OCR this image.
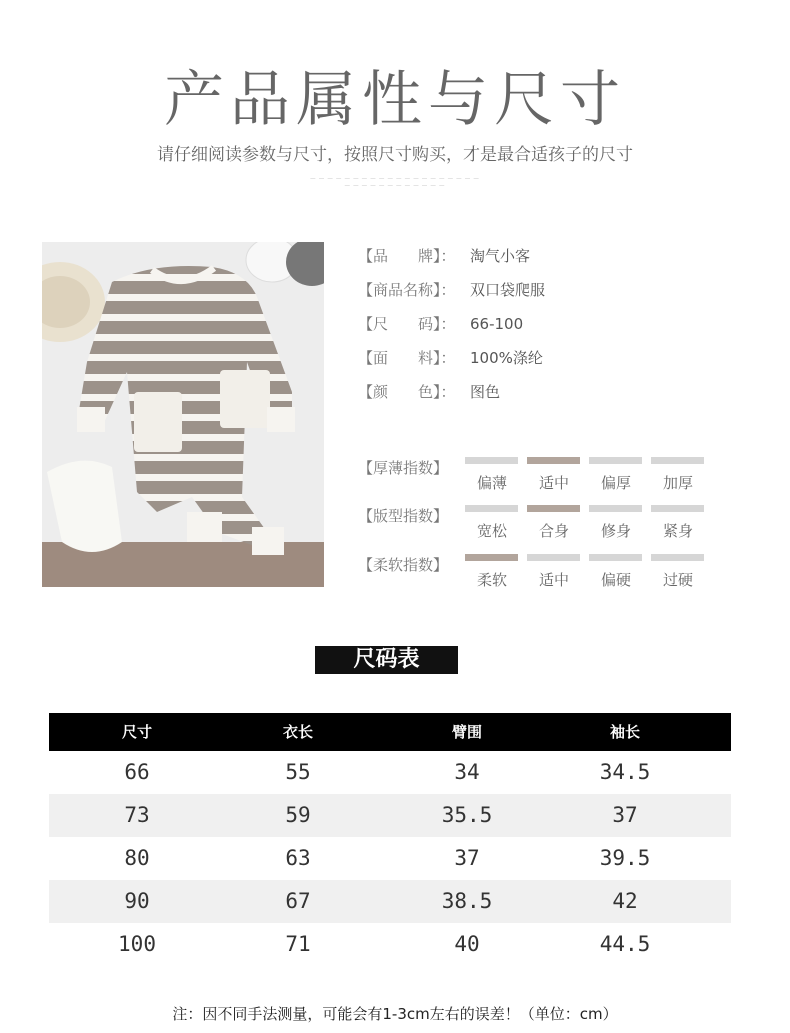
产品属性与尺寸
请仔细阅读参数与尺寸，按照尺寸购买，才是最合适孩子的尺寸
― ― ― ― ― ― ― ― ― ― ― ― ― ― ― ― ― ― ― ―
― ― ― ― ― ― ― ― ― ― ― ―
【品　　牌】： 淘气小客
【商品名称】： 双口袋爬服
【尺　　码】： 66-100
【面　　料】： 100%涤纶
【颜　　色】： 图色
【厚薄指数】
偏薄	适中	偏厚	加厚
【版型指数】
宽松	合身	修身	紧身
【柔软指数】
柔软	适中	偏硬	过硬
尺码表
尺寸	衣长	臂围	袖长
66	55	34	34.5
73	59	35.5	37
80	63	37	39.5
90	67	38.5	42
100	71	40	44.5
注：因不同手法测量，可能会有1-3cm左右的误差！（单位：cm）
